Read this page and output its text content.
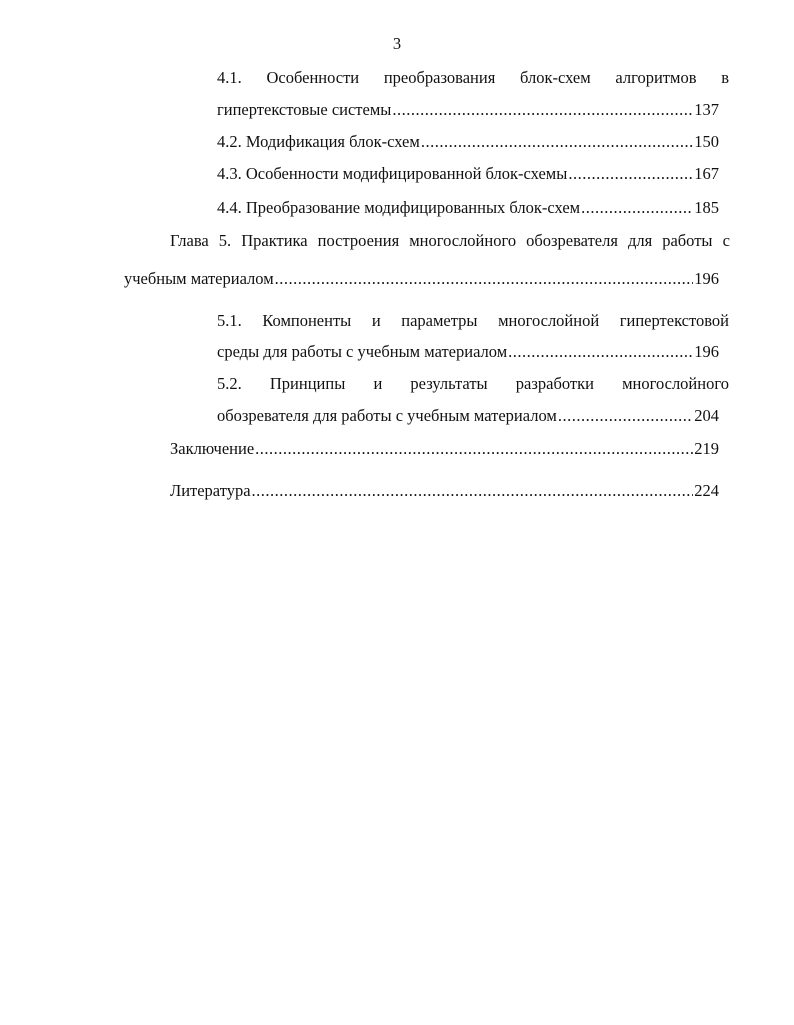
3
4.1. Особенности преобразования блок-схем алгоритмов в
гипертекстовые системы .....	137
4.2. Модификация блок-схем .....	150
4.3. Особенности модифицированной блок-схемы .....	167
4.4. Преобразование модифицированных блок-схем .....	185
Глава 5. Практика построения многослойного обозревателя для работы с
учебным материалом .....	196
5.1. Компоненты и параметры многослойной гипертекстовой
среды для работы с учебным материалом .....	196
5.2. Принципы и результаты разработки многослойного
обозревателя для работы с учебным материалом .....	204
Заключение .....	219
Литература .....	224
